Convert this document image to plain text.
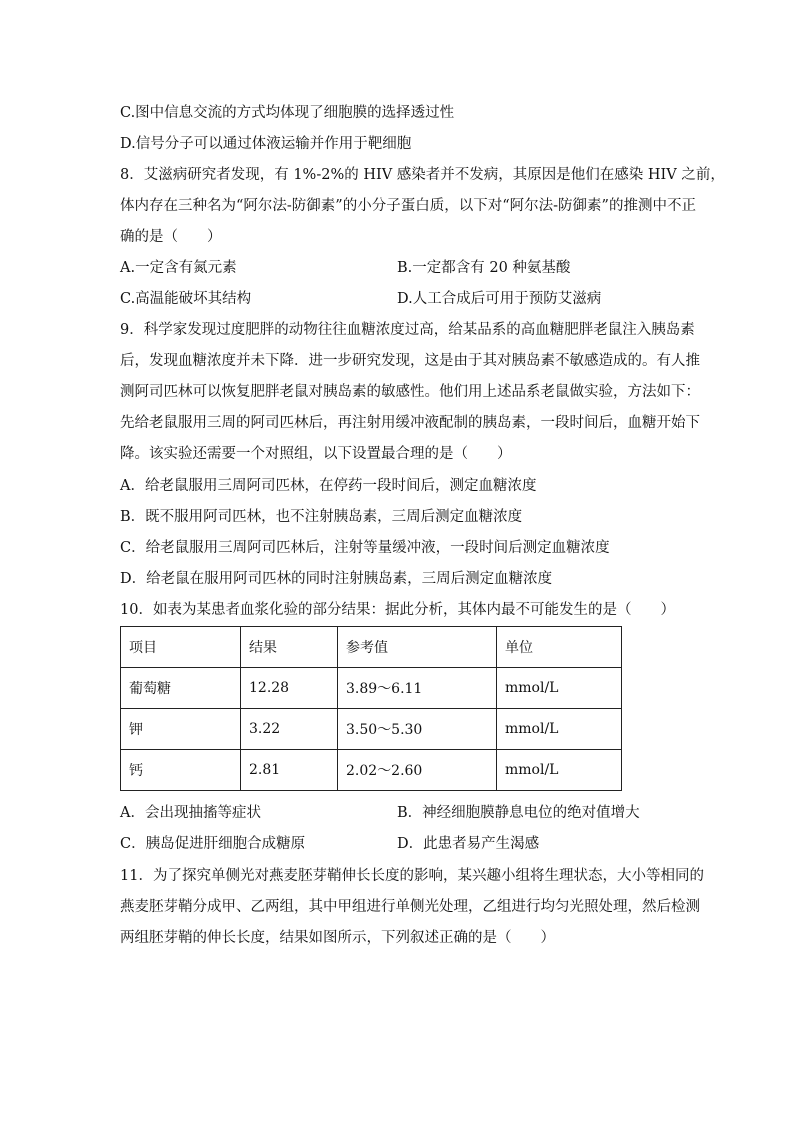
C.图中信息交流的方式均体现了细胞膜的选择透过性
D.信号分子可以通过体液运输并作用于靶细胞
8．艾滋病研究者发现，有 1%-2%的 HIV 感染者并不发病，其原因是他们在感染 HIV 之前，
体内存在三种名为“阿尔法-防御素”的小分子蛋白质，以下对“阿尔法-防御素”的推测中不正
确的是（　　）
A.一定含有氮元素	B.一定都含有 20 种氨基酸
C.高温能破坏其结构	D.人工合成后可用于预防艾滋病
9．科学家发现过度肥胖的动物往往血糖浓度过高，给某品系的高血糖肥胖老鼠注入胰岛素
后，发现血糖浓度并未下降．进一步研究发现，这是由于其对胰岛素不敏感造成的。有人推
测阿司匹林可以恢复肥胖老鼠对胰岛素的敏感性。他们用上述品系老鼠做实验，方法如下：
先给老鼠服用三周的阿司匹林后，再注射用缓冲液配制的胰岛素，一段时间后，血糖开始下
降。该实验还需要一个对照组，以下设置最合理的是（　　）
A．给老鼠服用三周阿司匹林，在停药一段时间后，测定血糖浓度
B．既不服用阿司匹林，也不注射胰岛素，三周后测定血糖浓度
C．给老鼠服用三周阿司匹林后，注射等量缓冲液，一段时间后测定血糖浓度
D．给老鼠在服用阿司匹林的同时注射胰岛素，三周后测定血糖浓度
10．如表为某患者血浆化验的部分结果：据此分析，其体内最不可能发生的是（　　）
项目	结果	参考值	单位
葡萄糖	12.28	3.89～6.11	mmol/L
钾	3.22	3.50～5.30	mmol/L
钙	2.81	2.02～2.60	mmol/L
A．会出现抽搐等症状	B．神经细胞膜静息电位的绝对值增大
C．胰岛促进肝细胞合成糖原	D．此患者易产生渴感
11．为了探究单侧光对燕麦胚芽鞘伸长长度的影响，某兴趣小组将生理状态，大小等相同的
燕麦胚芽鞘分成甲、乙两组，其中甲组进行单侧光处理，乙组进行均匀光照处理，然后检测
两组胚芽鞘的伸长长度，结果如图所示，下列叙述正确的是（　　）
